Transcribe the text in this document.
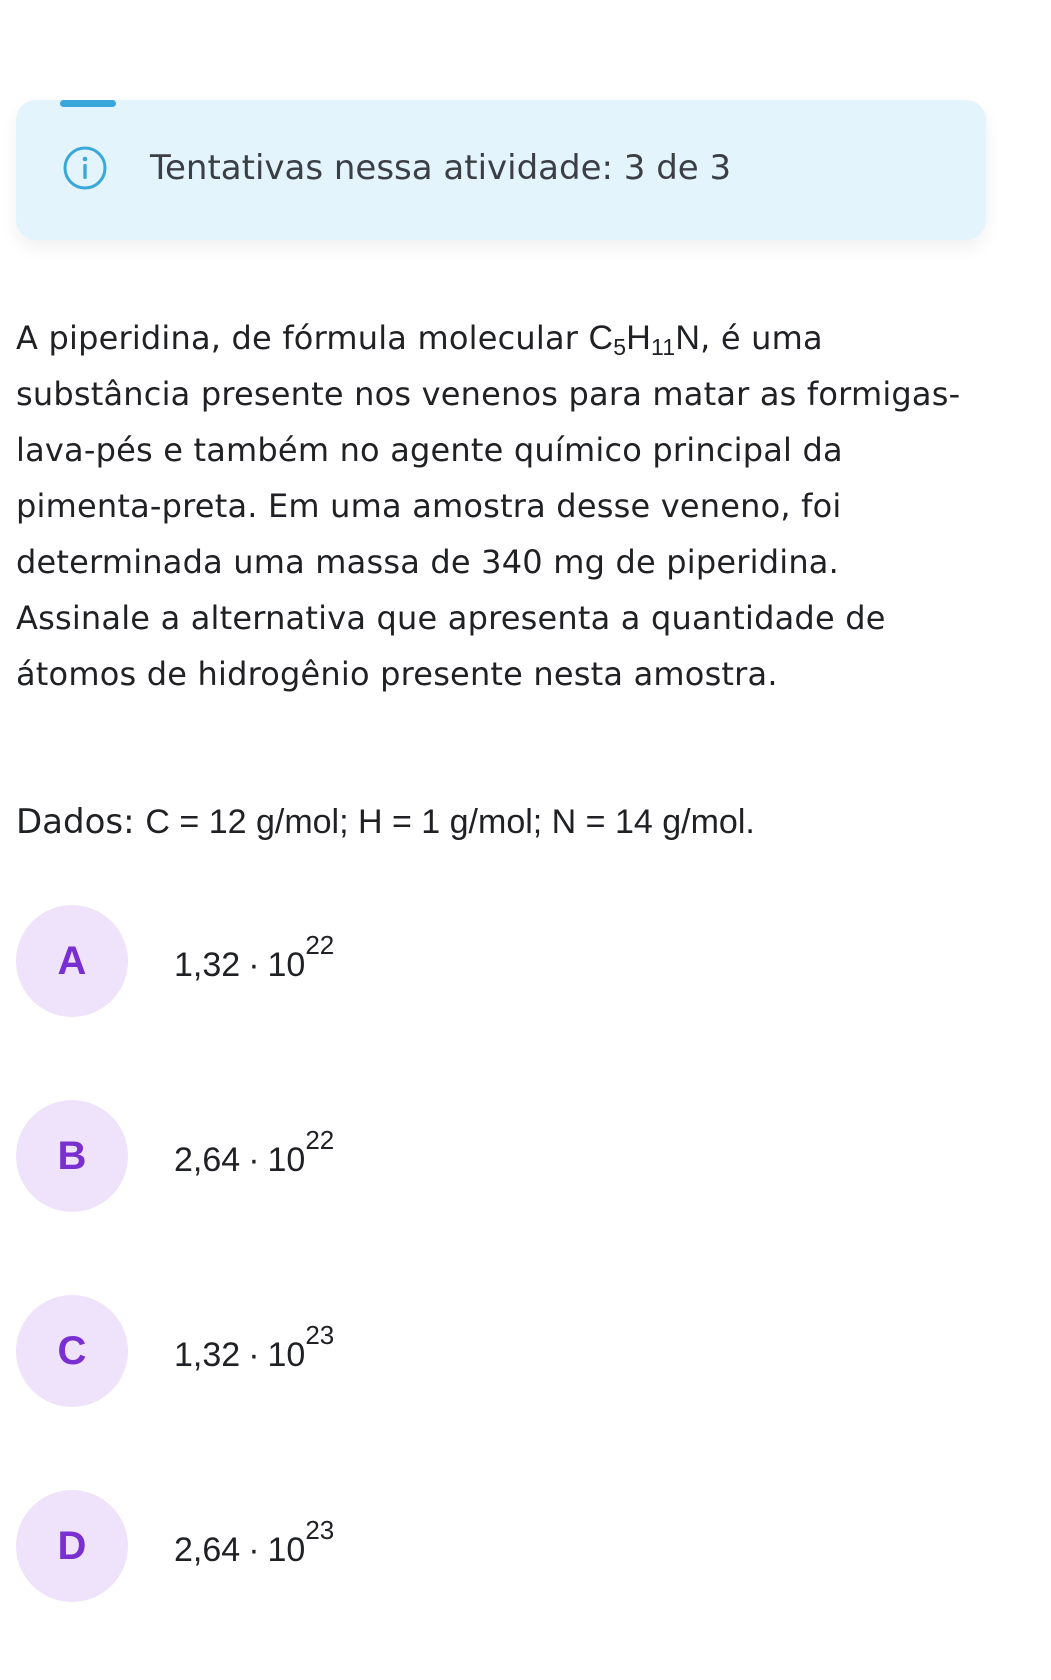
Tentativas nessa atividade: 3 de 3
A piperidina, de fórmula molecular $C_5H_{11}N$, é uma substância presente nos venenos para matar as formigas-lava-pés e também no agente químico principal da pimenta-preta. Em uma amostra desse veneno, foi determinada uma massa de 340 mg de piperidina. Assinale a alternativa que apresenta a quantidade de átomos de hidrogênio presente nesta amostra.
Dados: C = 12 g/mol; H = 1 g/mol; N = 14 g/mol.
A	$1,32 \cdot 10^{22}$
B	$2,64 \cdot 10^{22}$
C	$1,32 \cdot 10^{23}$
D	$2,64 \cdot 10^{23}$
